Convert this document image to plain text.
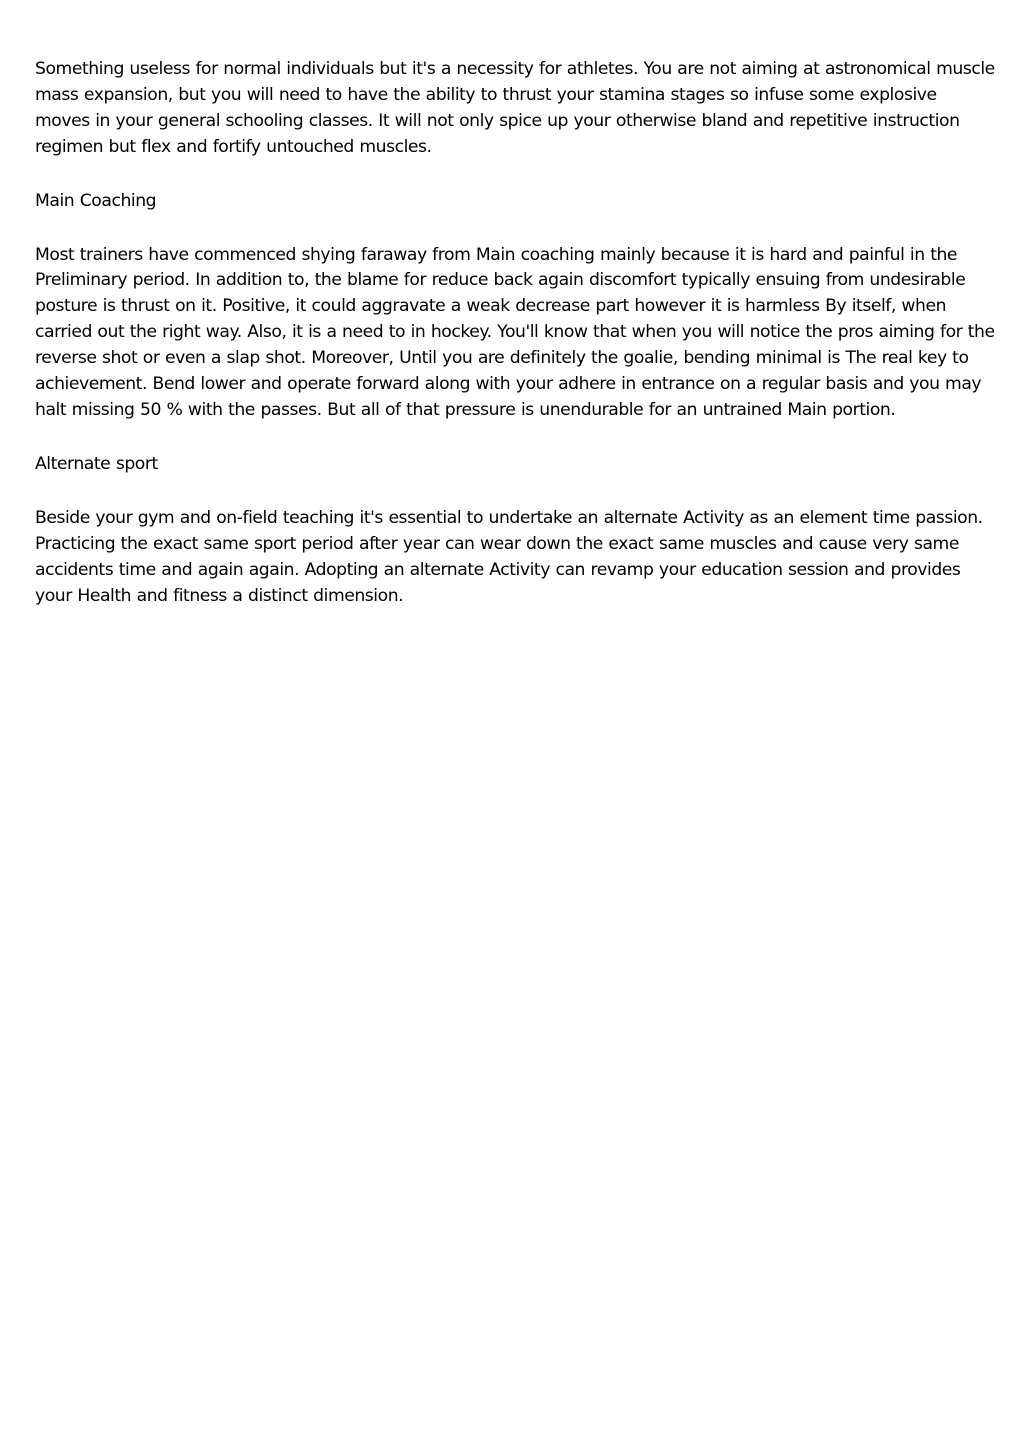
Something useless for normal individuals but it's a necessity for athletes. You are not aiming at astronomical muscle mass expansion, but you will need to have the ability to thrust your stamina stages so infuse some explosive moves in your general schooling classes. It will not only spice up your otherwise bland and repetitive instruction regimen but flex and fortify untouched muscles.

Main Coaching

Most trainers have commenced shying faraway from Main coaching mainly because it is hard and painful in the Preliminary period. In addition to, the blame for reduce back again discomfort typically ensuing from undesirable posture is thrust on it. Positive, it could aggravate a weak decrease part however it is harmless By itself, when carried out the right way. Also, it is a need to in hockey. You'll know that when you will notice the pros aiming for the reverse shot or even a slap shot. Moreover, Until you are definitely the goalie, bending minimal is The real key to achievement. Bend lower and operate forward along with your adhere in entrance on a regular basis and you may halt missing 50 % with the passes. But all of that pressure is unendurable for an untrained Main portion.

Alternate sport

Beside your gym and on-field teaching it's essential to undertake an alternate Activity as an element time passion. Practicing the exact same sport period after year can wear down the exact same muscles and cause very same accidents time and again again. Adopting an alternate Activity can revamp your education session and provides your Health and fitness a distinct dimension.
